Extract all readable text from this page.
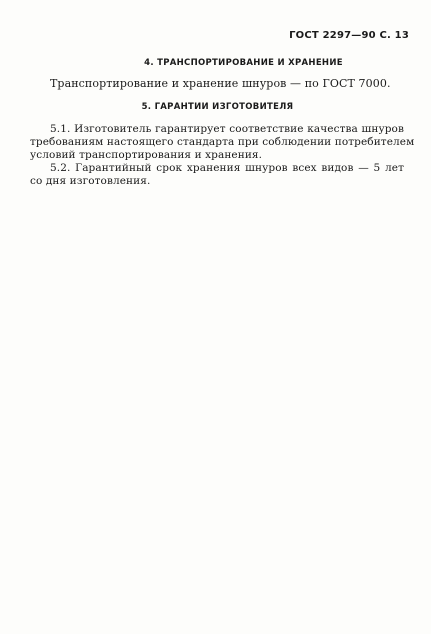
ГОСТ 2297—90 С. 13
4. ТРАНСПОРТИРОВАНИЕ И ХРАНЕНИЕ
Транспортирование и хранение шнуров — по ГОСТ 7000.
5. ГАРАНТИИ ИЗГОТОВИТЕЛЯ
5.1. Изготовитель гарантирует соответствие качества шнуров
требованиям настоящего стандарта при соблюдении потребителем
условий транспортирования и хранения.
5.2. Гарантийный срок хранения шнуров всех видов — 5 лет
со дня изготовления.
